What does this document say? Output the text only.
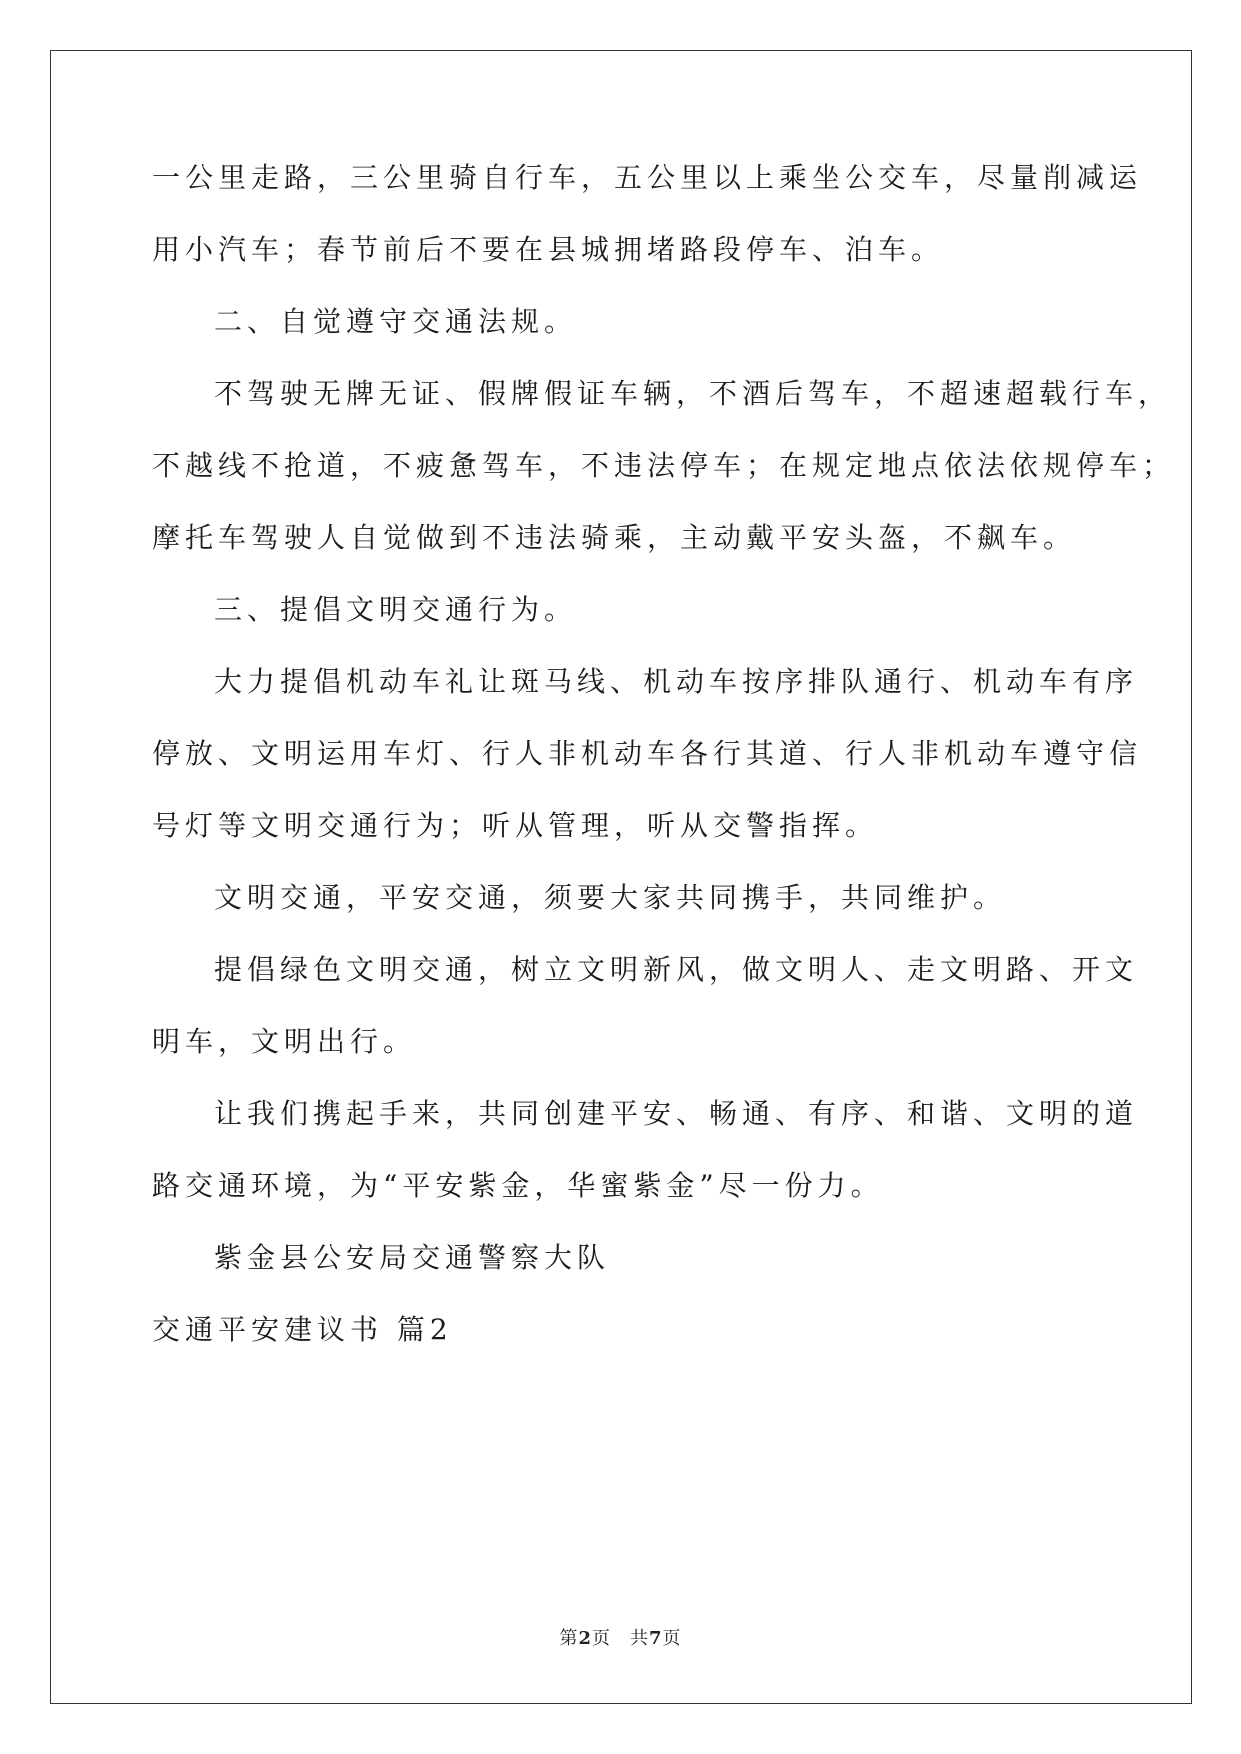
一公里走路，三公里骑自行车，五公里以上乘坐公交车，尽量削减运
用小汽车；春节前后不要在县城拥堵路段停车、泊车。
二、自觉遵守交通法规。
不驾驶无牌无证、假牌假证车辆，不酒后驾车，不超速超载行车，
不越线不抢道，不疲惫驾车，不违法停车；在规定地点依法依规停车；
摩托车驾驶人自觉做到不违法骑乘，主动戴平安头盔，不飙车。
三、提倡文明交通行为。
大力提倡机动车礼让斑马线、机动车按序排队通行、机动车有序
停放、文明运用车灯、行人非机动车各行其道、行人非机动车遵守信
号灯等文明交通行为；听从管理，听从交警指挥。
文明交通，平安交通，须要大家共同携手，共同维护。
提倡绿色文明交通，树立文明新风，做文明人、走文明路、开文
明车，文明出行。
让我们携起手来，共同创建平安、畅通、有序、和谐、文明的道
路交通环境，为“平安紫金，华蜜紫金”尽一份力。
紫金县公安局交通警察大队
交通平安建议书 篇2
第2页　共7页
